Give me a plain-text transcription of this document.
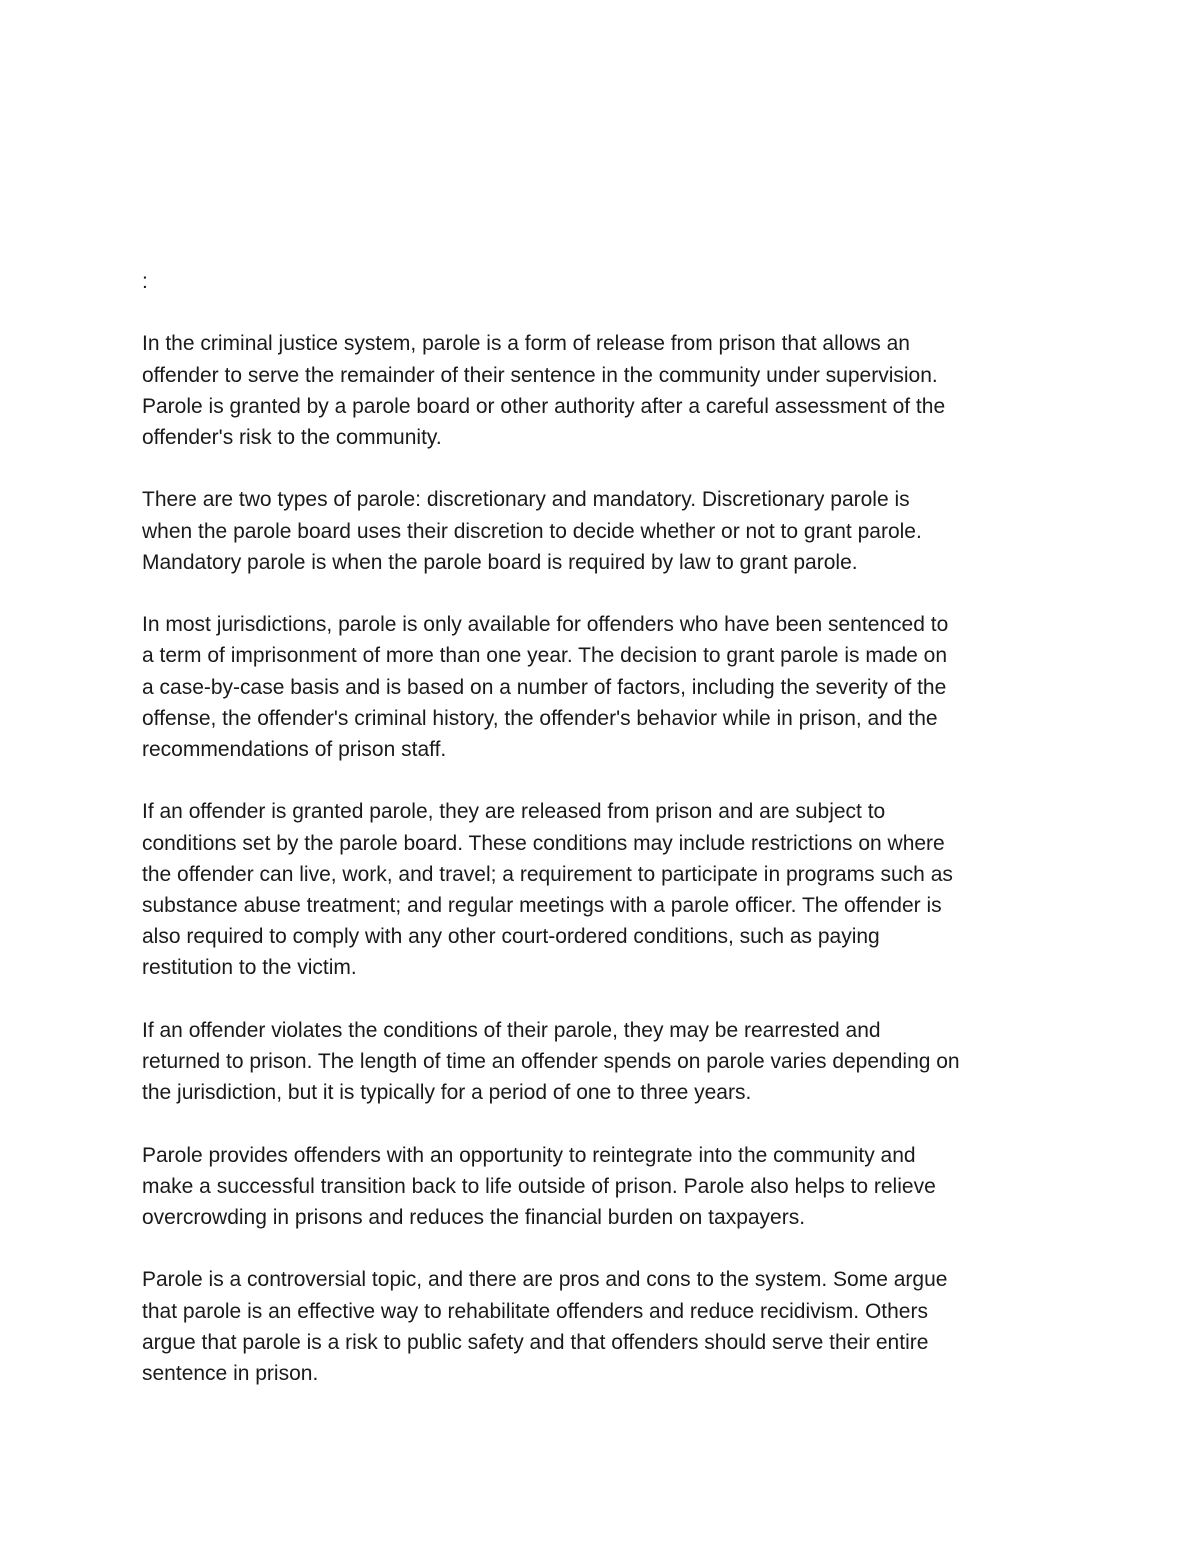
:

In the criminal justice system, parole is a form of release from prison that allows an
offender to serve the remainder of their sentence in the community under supervision.
Parole is granted by a parole board or other authority after a careful assessment of the
offender's risk to the community.

There are two types of parole: discretionary and mandatory. Discretionary parole is
when the parole board uses their discretion to decide whether or not to grant parole.
Mandatory parole is when the parole board is required by law to grant parole.

In most jurisdictions, parole is only available for offenders who have been sentenced to
a term of imprisonment of more than one year. The decision to grant parole is made on
a case-by-case basis and is based on a number of factors, including the severity of the
offense, the offender's criminal history, the offender's behavior while in prison, and the
recommendations of prison staff.

If an offender is granted parole, they are released from prison and are subject to
conditions set by the parole board. These conditions may include restrictions on where
the offender can live, work, and travel; a requirement to participate in programs such as
substance abuse treatment; and regular meetings with a parole officer. The offender is
also required to comply with any other court-ordered conditions, such as paying
restitution to the victim.

If an offender violates the conditions of their parole, they may be rearrested and
returned to prison. The length of time an offender spends on parole varies depending on
the jurisdiction, but it is typically for a period of one to three years.

Parole provides offenders with an opportunity to reintegrate into the community and
make a successful transition back to life outside of prison. Parole also helps to relieve
overcrowding in prisons and reduces the financial burden on taxpayers.

Parole is a controversial topic, and there are pros and cons to the system. Some argue
that parole is an effective way to rehabilitate offenders and reduce recidivism. Others
argue that parole is a risk to public safety and that offenders should serve their entire
sentence in prison.
